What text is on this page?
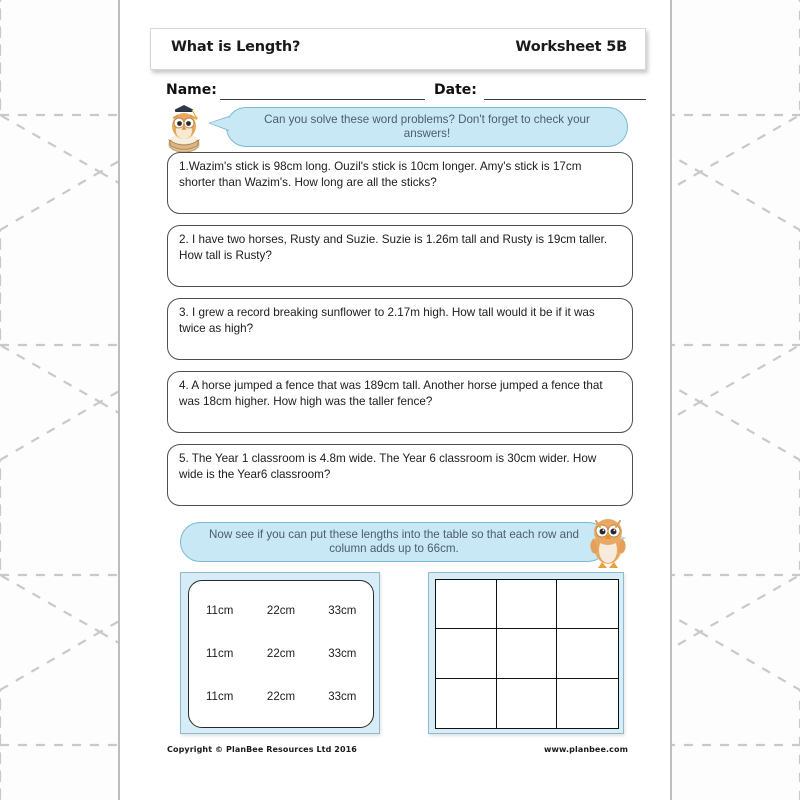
What is Length?	Worksheet 5B
Name:	Date:
Can you solve these word problems? Don't forget to check your answers!
1.Wazim's stick is 98cm long. Ouzil's stick is 10cm longer. Amy's stick is 17cm shorter than Wazim's. How long are all the sticks?
2. I have two horses, Rusty and Suzie. Suzie is 1.26m tall and Rusty is 19cm taller. How tall is Rusty?
3. I grew a record breaking sunflower to 2.17m high. How tall would it be if it was twice as high?
4. A horse jumped a fence that was 189cm tall. Another horse jumped a fence that was 18cm higher. How high was the taller fence?
5. The Year 1 classroom is 4.8m wide. The Year 6 classroom is 30cm wider. How wide is the Year6 classroom?
Now see if you can put these lengths into the table so that each row and column adds up to 66cm.
11cm	22cm	33cm
11cm	22cm	33cm
11cm	22cm	33cm
Copyright © PlanBee Resources Ltd 2016	www.planbee.com
